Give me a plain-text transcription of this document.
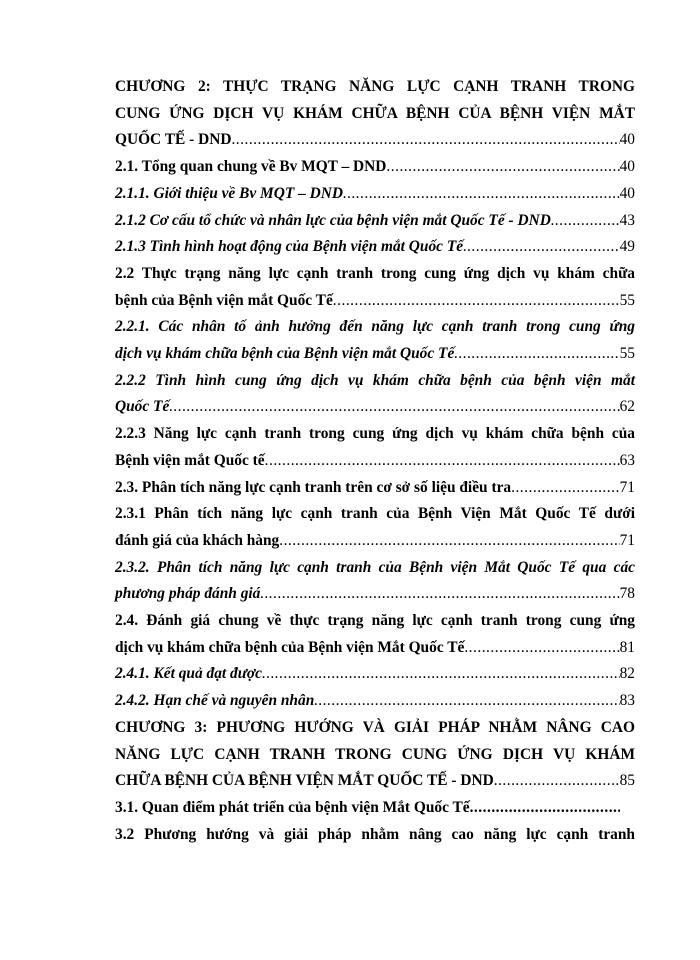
CHƯƠNG 2: THỰC TRẠNG NĂNG LỰC CẠNH TRANH TRONG
CUNG ỨNG DỊCH VỤ KHÁM CHỮA BỆNH CỦA BỆNH VIỆN MẮT
QUỐC TẾ - DND .....	40
2.1. Tổng quan chung về Bv MQT – DND .....	40
2.1.1. Giới thiệu về Bv MQT – DND .....	40
2.1.2 Cơ cấu tổ chức và nhân lực của bệnh viện mắt Quốc Tế - DND .....	43
2.1.3 Tình hình hoạt động của Bệnh viện mắt Quốc Tế .....	49
2.2 Thực trạng năng lực cạnh tranh trong cung ứng dịch vụ khám chữa
bệnh của Bệnh viện mắt Quốc Tế .....	55
2.2.1. Các nhân tố ảnh hưởng đến năng lực cạnh tranh trong cung ứng
dịch vụ khám chữa bệnh của Bệnh viện mắt Quốc Tế .....	55
2.2.2 Tình hình cung ứng dịch vụ khám chữa bệnh của bệnh viện mắt
Quốc Tế .....	62
2.2.3 Năng lực cạnh tranh trong cung ứng dịch vụ khám chữa bệnh của
Bệnh viện mắt Quốc tế .....	63
2.3. Phân tích năng lực cạnh tranh trên cơ sở số liệu điều tra .....	71
2.3.1 Phân tích năng lực cạnh tranh của Bệnh Viện Mắt Quốc Tế dưới
đánh giá của khách hàng .....	71
2.3.2. Phân tích năng lực cạnh tranh của Bệnh viện Mắt Quốc Tế qua các
phương pháp đánh giá .....	78
2.4. Đánh giá chung về thực trạng năng lực cạnh tranh trong cung ứng
dịch vụ khám chữa bệnh của Bệnh viện Mắt Quốc Tế .....	81
2.4.1. Kết quả đạt được .....	82
2.4.2. Hạn chế và nguyên nhân .....	83
CHƯƠNG 3: PHƯƠNG HƯỚNG VÀ GIẢI PHÁP NHẰM NÂNG CAO
NĂNG LỰC CẠNH TRANH TRONG CUNG ỨNG DỊCH VỤ KHÁM
CHỮA BỆNH CỦA BỆNH VIỆN MẮT QUỐC TẾ - DND .....	85
3.1. Quan điểm phát triển của bệnh viện Mắt Quốc Tế
.....
3.2 Phương hướng và giải pháp nhằm nâng cao năng lực cạnh tranh
